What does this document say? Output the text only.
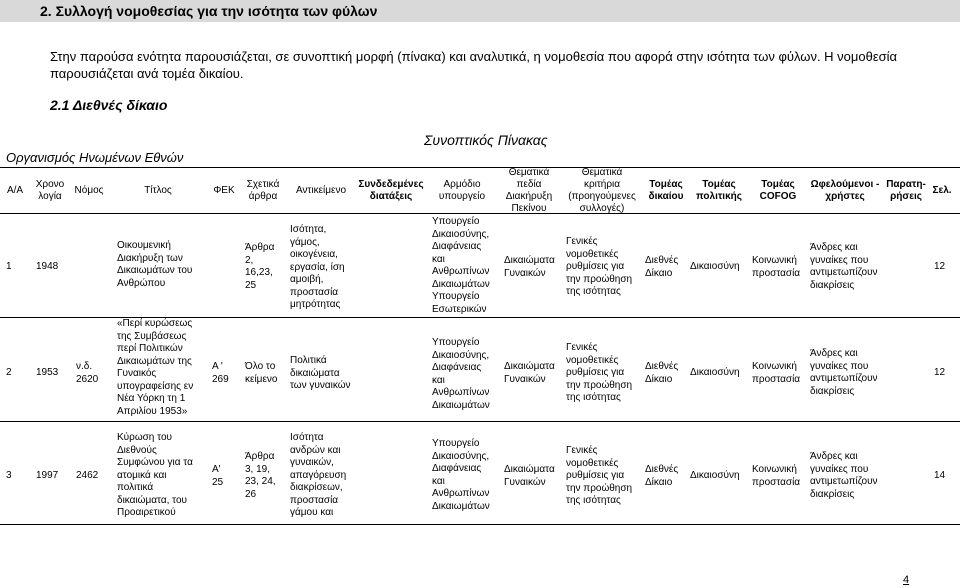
2. Συλλογή νομοθεσίας για την ισότητα των φύλων
Στην παρούσα ενότητα παρουσιάζεται, σε συνοπτική μορφή (πίνακα) και αναλυτικά, η νομοθεσία που αφορά στην ισότητα των φύλων. Η νομοθεσία παρουσιάζεται ανά τομέα δικαίου.
2.1 Διεθνές δίκαιο
Συνοπτικός Πίνακας
Οργανισμός Ηνωμένων Εθνών
Α/Α
Χρονο
λογία
Νόμος	Τίτλος	ΦΕΚ
Σχετικά
άρθρα
Αντικείμενο
Συνδεδεμένες
διατάξεις
Αρμόδιο
υπουργείο
Θεματικά
πεδία
Διακήρυξη
Πεκίνου
Θεματικά
κριτήρια
(προηγούμενες
συλλογές)
Τομέας
δικαίου
Τομέας
πολιτικής
Τομέας
COFOG
Ωφελούμενοι -
χρήστες
Παρατη-
ρήσεις
Σελ.
1 1948
Οικουμενική
Διακήρυξη των
Δικαιωμάτων του
Ανθρώπου
Άρθρα
2,
16,23,
25
Ισότητα,
γάμος,
οικογένεια,
εργασία, ίση
αμοιβή,
προστασία
μητρότητας
Υπουργείο
Δικαιοσύνης,
Διαφάνειας
και
Ανθρωπίνων
Δικαιωμάτων
Υπουργείο
Εσωτερικών
Δικαιώματα
Γυναικών
Γενικές
νομοθετικές
ρυθμίσεις για
την προώθηση
της ισότητας
Διεθνές
Δίκαιο
Δικαιοσύνη
Κοινωνική
προστασία
Άνδρες και
γυναίκες που
αντιμετωπίζουν
διακρίσεις
12
2 1953
ν.δ.
2620
«Περί κυρώσεως
της Συμβάσεως
περί Πολιτικών
Δικαιωμάτων της
Γυναικός
υπογραφείσης εν
Νέα Υόρκη τη 1
Απριλίου 1953»
Α '
269
Όλο το
κείμενο
Πολιτικά
δικαιώματα
των γυναικών
Υπουργείο
Δικαιοσύνης,
Διαφάνειας
και
Ανθρωπίνων
Δικαιωμάτων
Δικαιώματα
Γυναικών
Γενικές
νομοθετικές
ρυθμίσεις για
την προώθηση
της ισότητας
Διεθνές
Δίκαιο
Δικαιοσύνη
Κοινωνική
προστασία
Άνδρες και
γυναίκες που
αντιμετωπίζουν
διακρίσεις
12
3 1997 2462
Κύρωση του
Διεθνούς
Συμφώνου για τα
ατομικά και
πολιτικά
δικαιώματα, του
Προαιρετικού
Α'
25
Άρθρα
3, 19,
23, 24,
26
Ισότητα
ανδρών και
γυναικών,
απαγόρευση
διακρίσεων,
προστασία
γάμου και
Υπουργείο
Δικαιοσύνης,
Διαφάνειας
και
Ανθρωπίνων
Δικαιωμάτων
Δικαιώματα
Γυναικών
Γενικές
νομοθετικές
ρυθμίσεις για
την προώθηση
της ισότητας
Διεθνές
Δίκαιο
Δικαιοσύνη
Κοινωνική
προστασία
Άνδρες και
γυναίκες που
αντιμετωπίζουν
διακρίσεις
14
4
